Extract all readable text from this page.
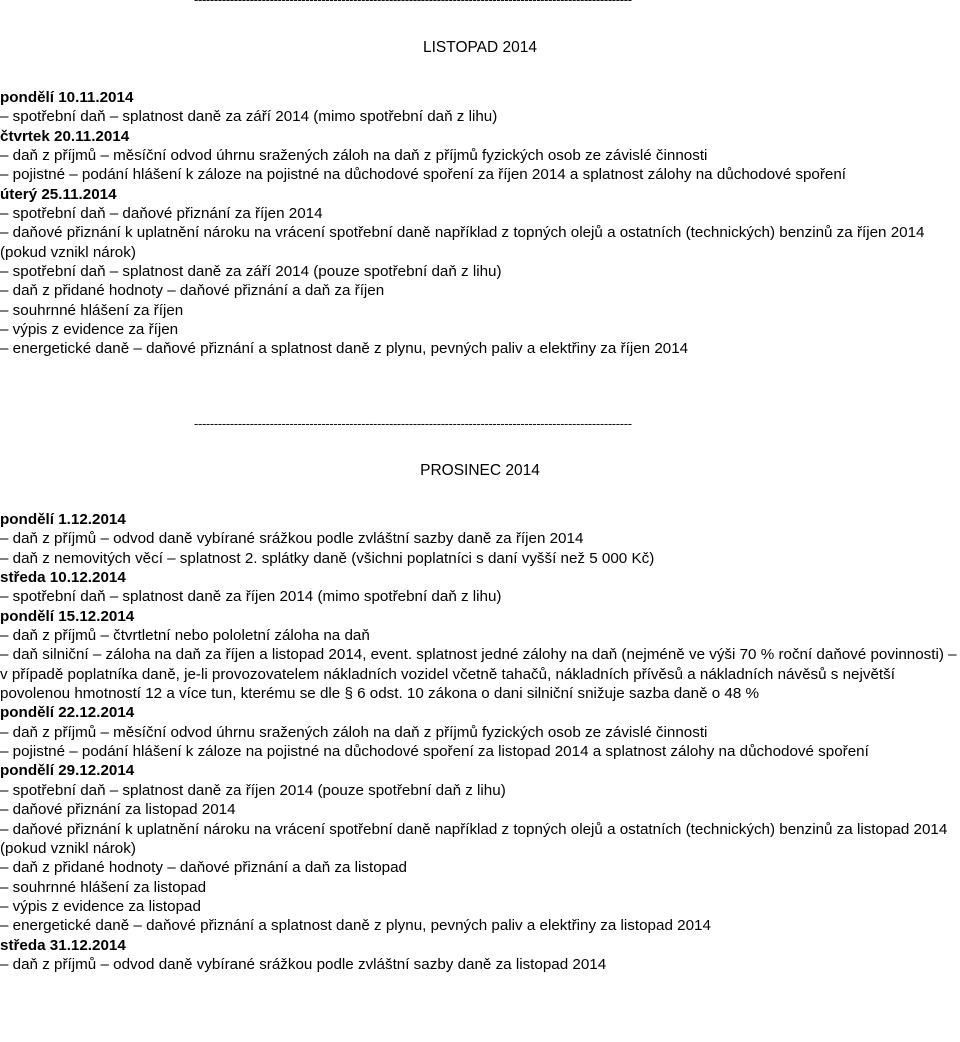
LISTOPAD 2014
pondělí 10.11.2014
– spotřební daň – splatnost daně za září 2014 (mimo spotřební daň z lihu)
čtvrtek 20.11.2014
– daň z příjmů – měsíční odvod úhrnu sražených záloh na daň z příjmů fyzických osob ze závislé činnosti
– pojistné – podání hlášení k záloze na pojistné na důchodové spoření za říjen 2014 a splatnost zálohy na důchodové spoření
úterý 25.11.2014
– spotřební daň – daňové přiznání za říjen 2014
– daňové přiznání k uplatnění nároku na vrácení spotřební daně například z topných olejů a ostatních (technických) benzinů za říjen 2014 (pokud vznikl nárok)
– spotřební daň – splatnost daně za září 2014 (pouze spotřební daň z lihu)
– daň z přidané hodnoty – daňové přiznání a daň za říjen
– souhrnné hlášení za říjen
– výpis z evidence za říjen
– energetické daně – daňové přiznání a splatnost daně z plynu, pevných paliv a elektřiny za říjen 2014
--------------------------------------------------------------------------------------------------------------
PROSINEC 2014
pondělí 1.12.2014
– daň z příjmů – odvod daně vybírané srážkou podle zvláštní sazby daně za říjen 2014
– daň z nemovitých věcí – splatnost 2. splátky daně (všichni poplatníci s daní vyšší než 5 000 Kč)
středa 10.12.2014
– spotřební daň – splatnost daně za říjen 2014 (mimo spotřební daň z lihu)
pondělí 15.12.2014
– daň z příjmů – čtvrtletní nebo pololetní záloha na daň
– daň silniční – záloha na daň za říjen a listopad 2014, event. splatnost jedné zálohy na daň (nejméně ve výši 70 % roční daňové povinnosti) – v případě poplatníka daně, je-li provozovatelem nákladních vozidel včetně tahačů, nákladních přívěsů a nákladních návěsů s největší povolenou hmotností 12 a více tun, kterému se dle § 6 odst. 10 zákona o dani silniční snižuje sazba daně o 48 %
pondělí 22.12.2014
– daň z příjmů – měsíční odvod úhrnu sražených záloh na daň z příjmů fyzických osob ze závislé činnosti
– pojistné – podání hlášení k záloze na pojistné na důchodové spoření za listopad 2014 a splatnost zálohy na důchodové spoření
pondělí 29.12.2014
– spotřební daň – splatnost daně za říjen 2014 (pouze spotřební daň z lihu)
– daňové přiznání za listopad 2014
– daňové přiznání k uplatnění nároku na vrácení spotřební daně například z topných olejů a ostatních (technických) benzinů za listopad 2014 (pokud vznikl nárok)
– daň z přidané hodnoty – daňové přiznání a daň za listopad
– souhrnné hlášení za listopad
– výpis z evidence za listopad
– energetické daně – daňové přiznání a splatnost daně z plynu, pevných paliv a elektřiny za listopad 2014
středa 31.12.2014
– daň z příjmů – odvod daně vybírané srážkou podle zvláštní sazby daně za listopad 2014
